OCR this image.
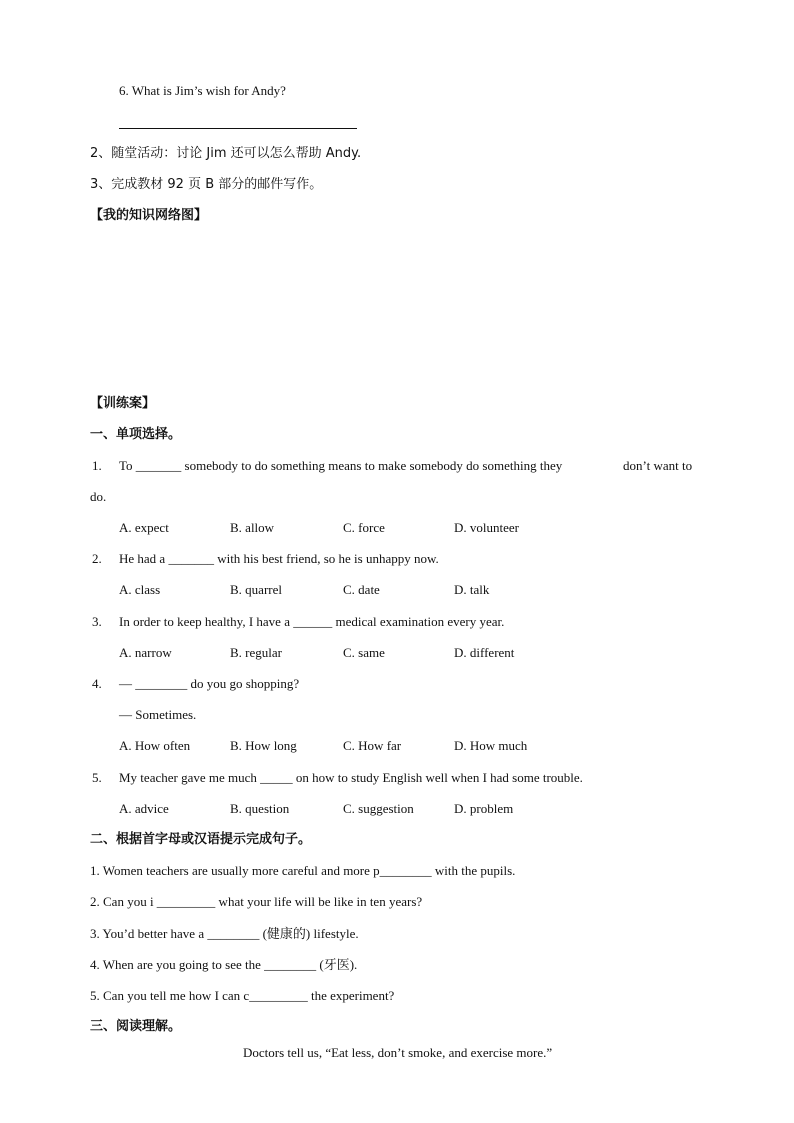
6. What is Jim’s wish for Andy?
2、随堂活动：讨论 Jim 还可以怎么帮助 Andy.
3、完成教材 92 页 B 部分的邮件写作。
【我的知识网络图】
【训练案】
一、单项选择。
1. To _______ somebody to do something means to make somebody do something they	don’t want to
do.
A. expect	B. allow	C. force	D. volunteer
2. He had a _______ with his best friend, so he is unhappy now.
A. class	B. quarrel	C. date	D. talk
3. In order to keep healthy, I have a ______ medical examination every year.
A. narrow	B. regular	C. same	D. different
4. — ________ do you go shopping?
— Sometimes.
A. How often	B. How long	C. How far	D. How much
5. My teacher gave me much _____ on how to study English well when I had some trouble.
A. advice	B. question	C. suggestion	D. problem
二、根据首字母或汉语提示完成句子。
1. Women teachers are usually more careful and more p________ with the pupils.
2. Can you i _________ what your life will be like in ten years?
3. You’d better have a ________ (健康的) lifestyle.
4. When are you going to see the ________ (牙医).
5. Can you tell me how I can c_________ the experiment?
三、阅读理解。
Doctors tell us, “Eat less, don’t smoke, and exercise more.”
